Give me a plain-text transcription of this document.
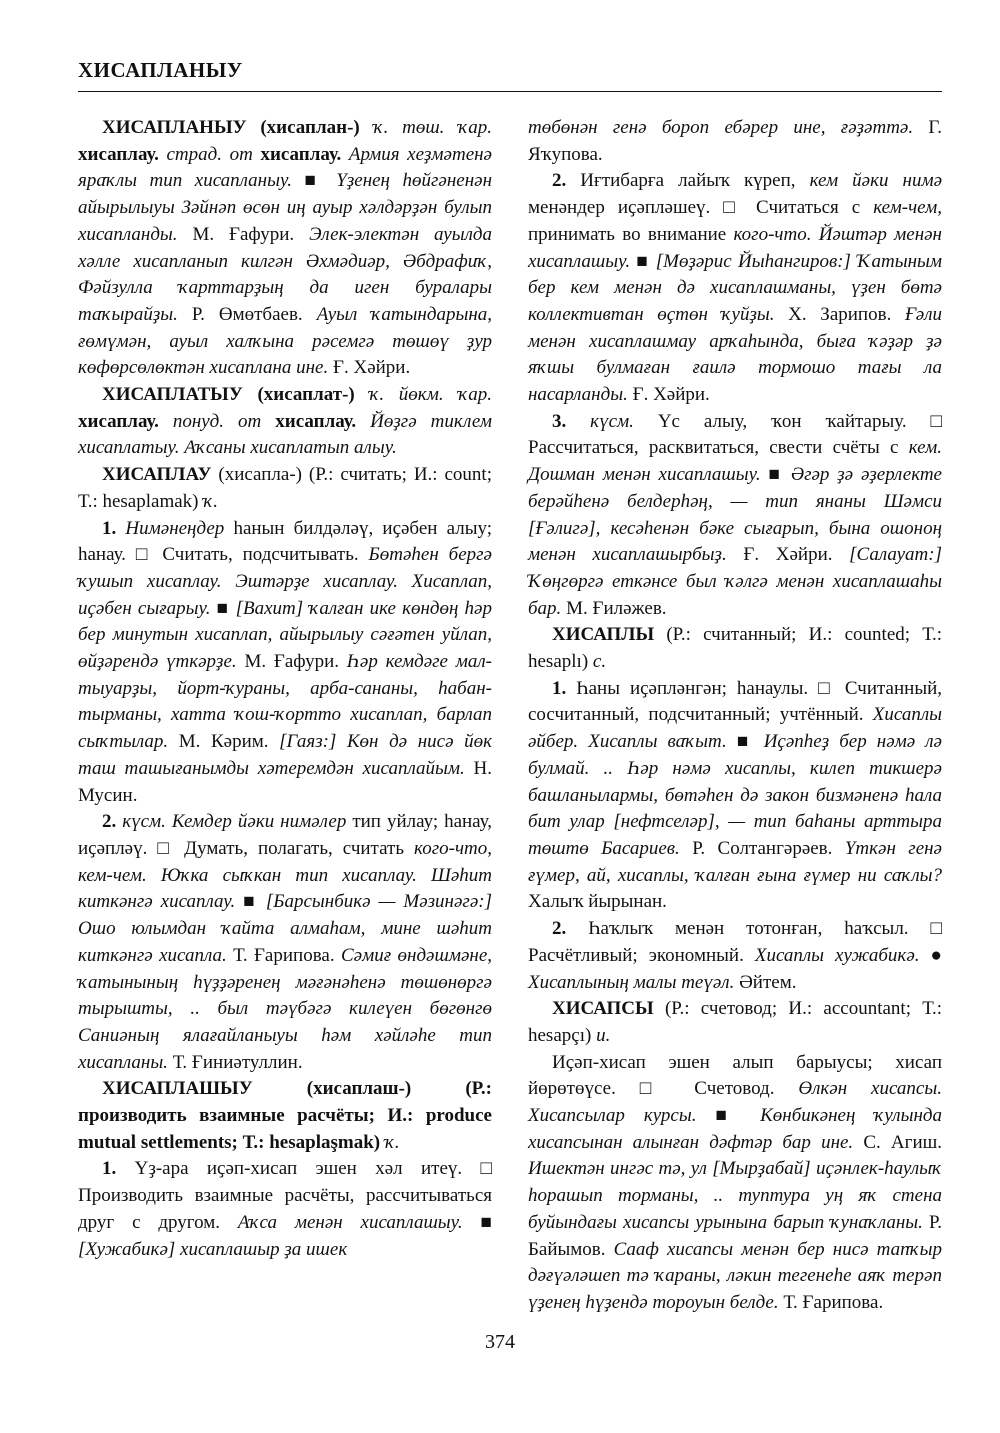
ХИСАПЛАНЫУ

ХИСАПЛАНЫУ (хисаплан-) ҡ. төш. ҡар. хисаплау. страд. от хисаплау. Армия хеҙмәтенә яраҡлы тип хисапланыу. ■ Үҙенең һөйгәненән айырылыуы Зәйнәп өсөн иң ауыр хәлдәрҙән булып хисапланды. М. Ғафури. Элек-электән ауылда хәлле хисапланып килгән Әхмәдиәр, Әбдрафиҡ, Фәйзулла ҡарттарҙың да иген буралары таҡырайҙы. Р. Өмөтбаев. Ауыл ҡатындарына, ғөмүмән, ауыл халҡына рәсемгә төшөү ҙур көфөрсөлөктән хисаплана ине. Ғ. Хәйри.

ХИСАПЛАТЫУ (хисаплат-) ҡ. йөкм. ҡар. хисаплау. понуд. от хисаплау. Йөҙгә тиклем хисаплатыу. Аҡсаны хисаплатып алыу.

ХИСАПЛАУ (хисапла-) (Р.: считать; И.: count; Т.: hesaplamak) ҡ.

1. Нимәнеңдер һанын билдәләү, иҫәбен алыу; һанау. □ Считать, подсчитывать. Бөтәһен бергә ҡушып хисаплау. Эштәрҙе хисаплау. Хисаплап, иҫәбен сығарыу. ■ [Вахит] ҡалған ике көндөң һәр бер минутын хисаплап, айырылыу сәғәтен уйлап, өйҙәрендә үткәрҙе. М. Ғафури. Һәр кемдәге мал-тыуарҙы, йорт-ҡураны, арба-сананы, һабан-тырманы, хатта ҡош-ҡортто хисаплап, барлап сыҡтылар. М. Кәрим. [Гаяз:] Көн дә нисә йөк таш ташығанымды хәтеремдән хисаплайым. Н. Мусин.

2. күсм. Кемдер йәки нимәлер тип уйлау; һанау, иҫәпләү. □ Думать, полагать, считать кого-что, кем-чем. Юҡка сыҡкан тип хисаплау. Шәһит киткәнгә хисаплау. ■ [Барсынбикә — Мәзинәгә:] Ошо юлымдан ҡайта алмаһам, мине шәһит киткәнгә хисапла. Т. Ғарипова. Сәмиғ өндәшмәне, ҡатынының һүҙҙәренең мәғәнәһенә төшөнөргә тырышты, .. был тәүбәгә килеүен бөгөнгө Саниәның ялағайланыуы һәм хәйләһе тип хисапланы. Т. Ғиниәтуллин.

ХИСАПЛАШЫУ (хисаплаш-) (Р.: производить взаимные расчёты; И.: produce mutual settlements; Т.: hesaplaşmak) ҡ.

1. Үҙ-ара иҫәп-хисап эшен хәл итеү. □ Производить взаимные расчёты, рассчитываться друг с другом. Аҡса менән хисаплашыу. ■ [Хужабикә] хисаплашыр ҙа ишек

төбөнән генә бороп ебәрер ине, ғәҙәттә. Г. Яҡупова.

2. Иғтибарға лайыҡ күреп, кем йәки нимә менәндер иҫәпләшеү. □ Считаться с кем-чем, принимать во внимание кого-что. Йәштәр менән хисаплашыу. ■ [Мөҙәрис Йыһангиров:] Ҡатыным бер кем менән дә хисаплашманы, үҙен бөтә коллективтан өҫтөн ҡуйҙы. Х. Зарипов. Ғәли менән хисаплашмау арҡаһында, быға ҡәҙәр ҙә яҡшы булмаған ғаилә тормошо тағы ла насарланды. Ғ. Хәйри.

3. күсм. Үс алыу, ҡон ҡайтарыу. □ Рассчитаться, расквитаться, свести счёты с кем. Дошман менән хисаплашыу. ■ Әгәр ҙә әҙерлекте берәйһенә белдерһәң, — тип янаны Шәмси [Ғәлигә], кесәһенән бәке сығарып, бына ошоноң менән хисаплашырбыҙ. Ғ. Хәйри. [Салауат:] Ҡөңгөргә еткәнсе был ҡәлгә менән хисаплашаһы бар. М. Ғиләжев.

ХИСАПЛЫ (Р.: считанный; И.: counted; Т.: hesaplı) с.

1. Һаны иҫәпләнгән; һанаулы. □ Считанный, сосчитанный, подсчитанный; учтённый. Хисаплы әйбер. Хисаплы ваҡыт. ■ Иҫәпһеҙ бер нәмә лә булмай. .. Һәр нәмә хисаплы, килеп тикшерә башланылармы, бөтәһен дә закон бизмәненә һала бит улар [нефтселәр], — тип баһаны арттыра төштө Басариев. Р. Солтангәрәев. Үткән генә ғүмер, ай, хисаплы, ҡалған ғына ғүмер ни саҡлы? Халыҡ йырынан.

2. Һаҡлыҡ менән тотонған, һаҡсыл. □ Расчётливый; экономный. Хисаплы хужабикә. ● Хисаплының малы теүәл. Әйтем.

ХИСАПСЫ (Р.: счетовод; И.: accountant; Т.: hesapçı) и.

Иҫәп-хисап эшен алып барыусы; хисап йөрөтөүсе. □ Счетовод. Өлкән хисапсы. Хисапсылар курсы. ■ Көнбикәнең ҡулында хисапсынан алынған дәфтәр бар ине. С. Агиш. Ишектән ингәс тә, ул [Мырҙабай] иҫәнлек-һаулыҡ һорашып торманы, .. туптура уң яҡ стена буйындағы хисапсы урынына барып ҡунаҡланы. Р. Байымов. Сааф хисапсы менән бер нисә тапҡыр дәғүәләшеп тә ҡараны, ләкин тегенеһе аяҡ терәп үҙенең һүҙендә тороуын белде. Т. Ғарипова.

374
